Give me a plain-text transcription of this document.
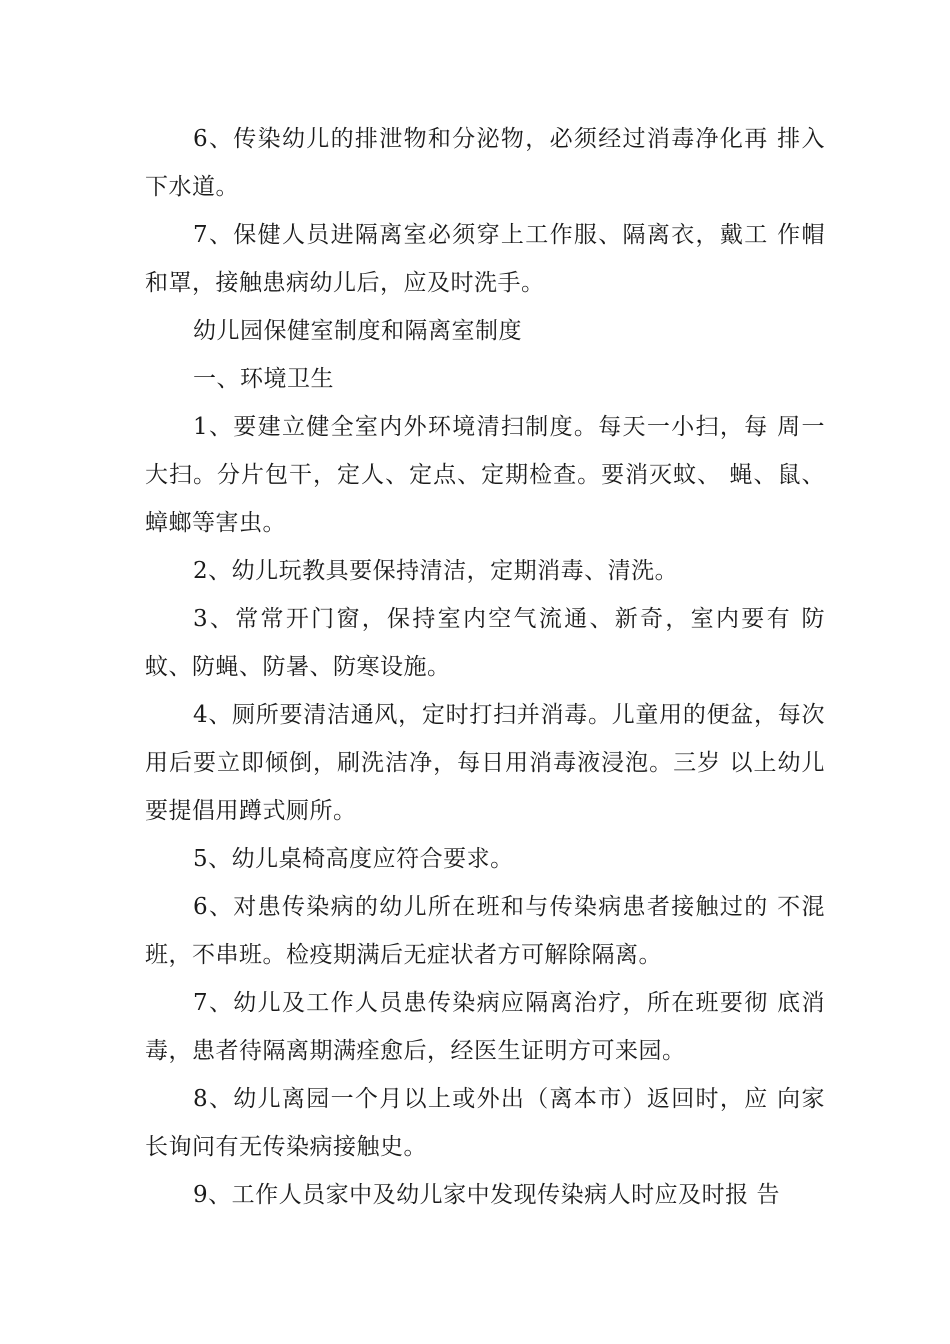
6、传染幼儿的排泄物和分泌物，必须经过消毒净化再 排入下水道。

7、保健人员进隔离室必须穿上工作服、隔离衣，戴工 作帽和罩，接触患病幼儿后，应及时洗手。

幼儿园保健室制度和隔离室制度

一、环境卫生

1、要建立健全室内外环境清扫制度。每天一小扫，每 周一大扫。分片包干，定人、定点、定期检查。要消灭蚊、 蝇、鼠、蟑螂等害虫。

2、幼儿玩教具要保持清洁，定期消毒、清洗。

3、常常开门窗，保持室内空气流通、新奇，室内要有 防蚊、防蝇、防暑、防寒设施。

4、厕所要清洁通风，定时打扫并消毒。儿童用的便盆，每次用后要立即倾倒，刷洗洁净，每日用消毒液浸泡。三岁 以上幼儿要提倡用蹲式厕所。

5、幼儿桌椅高度应符合要求。

6、对患传染病的幼儿所在班和与传染病患者接触过的 不混班，不串班。检疫期满后无症状者方可解除隔离。

7、幼儿及工作人员患传染病应隔离治疗，所在班要彻 底消毒，患者待隔离期满痊愈后，经医生证明方可来园。

8、幼儿离园一个月以上或外出（离本市）返回时，应 向家长询问有无传染病接触史。

9、工作人员家中及幼儿家中发现传染病人时应及时报 告
